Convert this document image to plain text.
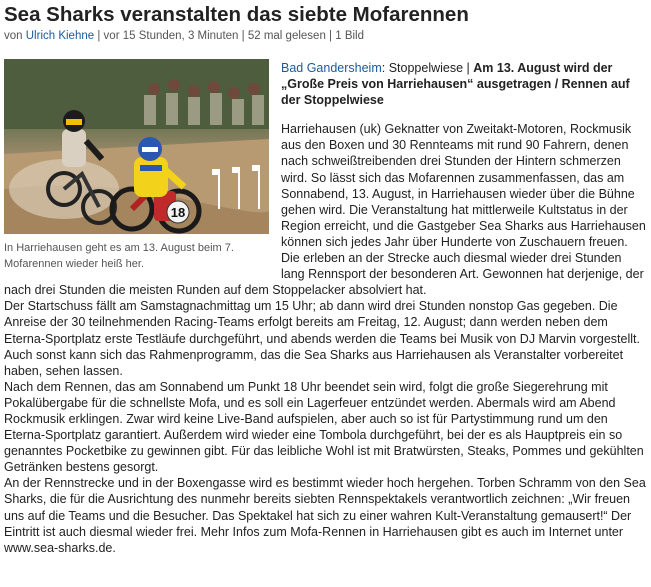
Sea Sharks veranstalten das siebte Mofarennen
von Ulrich Kiehne | vor 15 Stunden, 3 Minuten | 52 mal gelesen | 1 Bild
18
In Harriehausen geht es am 13. August beim 7. Mofarennen wieder heiß her.
Bad Gandersheim: Stoppelwiese | Am 13. August wird der „Große Preis von Harriehausen“ ausgetragen / Rennen auf der Stoppelwiese

Harriehausen (uk) Geknatter von Zweitakt-Motoren, Rockmusik aus den Boxen und 30 Rennteams mit rund 90 Fahrern, denen nach schweißtreibenden drei Stunden der Hintern schmerzen wird. So lässt sich das Mofarennen zusammenfassen, das am Sonnabend, 13. August, in Harriehausen wieder über die Bühne gehen wird. Die Veranstaltung hat mittlerweile Kultstatus in der Region erreicht, und die Gastgeber Sea Sharks aus Harriehausen können sich jedes Jahr über Hunderte von Zuschauern freuen. Die erleben an der Strecke auch diesmal wieder drei Stunden lang Rennsport der besonderen Art. Gewonnen hat derjenige, der nach drei Stunden die meisten Runden auf dem Stoppelacker absolviert hat.

Der Startschuss fällt am Samstagnachmittag um 15 Uhr; ab dann wird drei Stunden nonstop Gas gegeben. Die Anreise der 30 teilnehmenden Racing-Teams erfolgt bereits am Freitag, 12. August; dann werden neben dem Eterna-Sportplatz erste Testläufe durchgeführt, und abends werden die Teams bei Musik von DJ Marvin vorgestellt. Auch sonst kann sich das Rahmenprogramm, das die Sea Sharks aus Harriehausen als Veranstalter vorbereitet haben, sehen lassen.

Nach dem Rennen, das am Sonnabend um Punkt 18 Uhr beendet sein wird, folgt die große Siegerehrung mit Pokalübergabe für die schnellste Mofa, und es soll ein Lagerfeuer entzündet werden. Abermals wird am Abend Rockmusik erklingen. Zwar wird keine Live-Band aufspielen, aber auch so ist für Partystimmung rund um den Eterna-Sportplatz garantiert. Außerdem wird wieder eine Tombola durchgeführt, bei der es als Hauptpreis ein so genanntes Pocketbike zu gewinnen gibt. Für das leibliche Wohl ist mit Bratwürsten, Steaks, Pommes und gekühlten Getränken bestens gesorgt.

An der Rennstrecke und in der Boxengasse wird es bestimmt wieder hoch hergehen. Torben Schramm von den Sea Sharks, die für die Ausrichtung des nunmehr bereits siebten Rennspektakels verantwortlich zeichnen: „Wir freuen uns auf die Teams und die Besucher. Das Spektakel hat sich zu einer wahren Kult-Veranstaltung gemausert!“ Der Eintritt ist auch diesmal wieder frei. Mehr Infos zum Mofa-Rennen in Harriehausen gibt es auch im Internet unter www.sea-sharks.de.
